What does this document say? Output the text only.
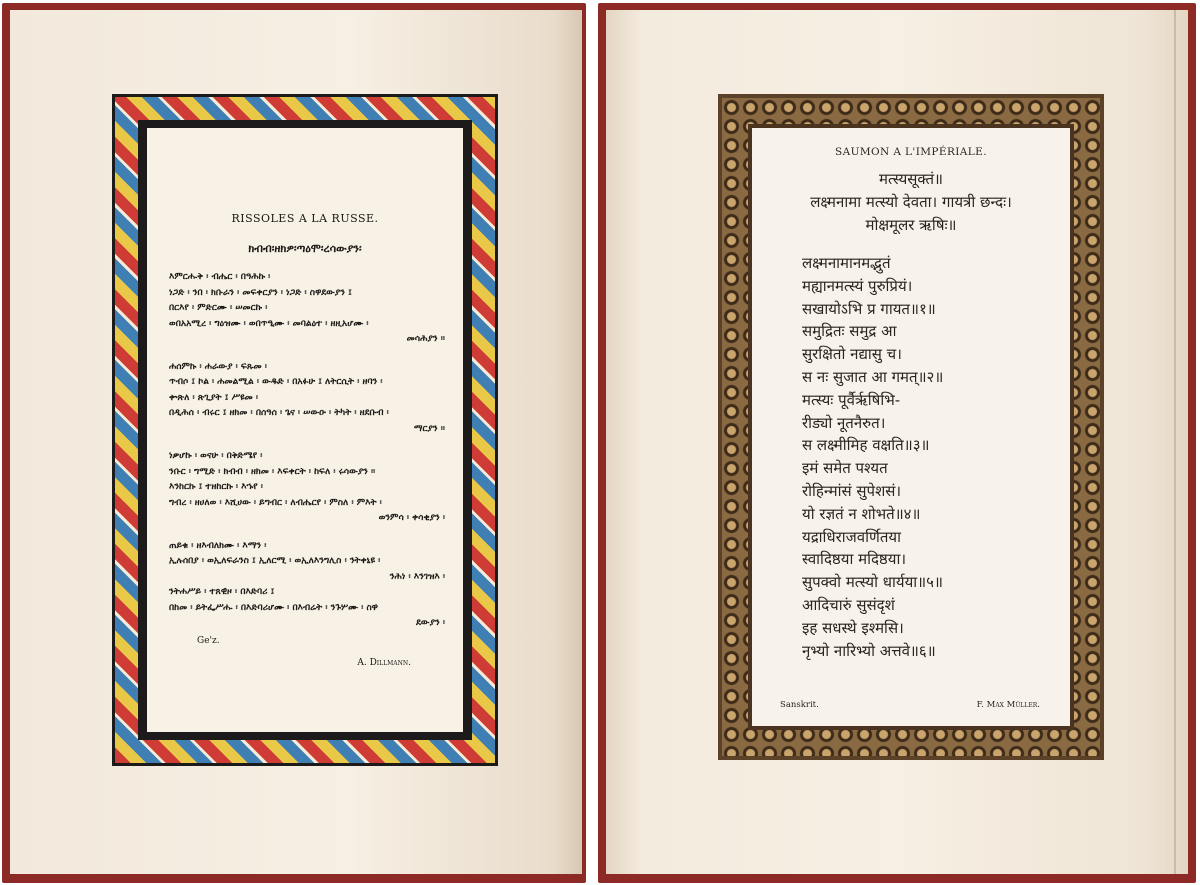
RISSOLES A LA RUSSE.
ክብብ፡ዘክዎ፡ጣዕሞ፡ረሳውያን፡
እምርሑቅ ፡ ብሔር ፡ በዓሕኩ ፡
ነጋድ ፡ ንበ ፡ ክቡራን ፡ መፍቀርያን ፡ ነጋድ ፡ ስዋደውያን ፤
በርእየ ፡ ምድርሙ ፡ ሠመርኩ ፡
ወበአአሚረ ፡ ግዕዝሙ ፡ ወበጥዒሙ ፡ መባልዕተ ፡ ዘዚአሆሙ ፡
መሳሕያን ፡፡
ሐሰምኩ ፡ ሐራውያ ፡ ፍጹመ ፡
ጥብሶ ፤ ኮል ፡ ሐመልሚል ፡ ውዱድ ፡ በአፉሁ ፤ ለትርሲት ፡ ዘባን ፡
ቍጽለ ፡ ጽጊያት ፤ ሥዩመ ፡
በዲሕሰ ፡ ብሩር ፤ ዘክመ ፡ በሰዓሰ ፡ ጌና ፡ ሠውዑ ፡ ትካት ፡ ዘደቡብ ፡
ማርያን ፡፡
ነቃሆኩ ፡ ወናሁ ፡ በቅድሜየ ፡
ንቡር ፡ ግሚድ ፡ ክብብ ፡ ዘክመ ፡ እፍቀርት ፡ ከፍለ ፡ ሩሳውያን ፡፡
እንከርኩ ፤ ተዘከርኩ ፡ እኁየ ፡
ግብረ ፡ ዘሀለወ ፡ እሺሀው ፡ ይግብር ፡ ለብሔርየ ፡ ምስለ ፡ ምእት ፡
ወንምሳ ፡ ቀሳቂያን ፡
ጠይቁ ፡ ዘእብለክሙ ፡ እማን ፡
ኢሉሰበያ ፡ ወኢለፍራንስ ፤ ኢለርሚ ፡ ወኢለእንግሊስ ፡ ንትቀኒዩ ፡
ንሕነ ፡ እንገዝእ ፡
ንትሐሥይ ፡ ተጸዊዞ ፡ በእድባሪ ፤
በከመ ፡ ይትፌሥሑ ፡ በእድባሪሆሙ ፡ በእብሬት ፡ ንጉሦሙ ፡ ስዋ
ደውያን ፡
Ge'z.
A. Dillmann.
SAUMON A L'IMPÉRIALE.
मत्स्यसूक्तं॥
लक्ष्मनामा मत्स्यो देवता। गायत्री छन्दः।
मोक्षमूलर ऋषिः॥
लक्ष्मनामानमद्भुतं
मह्यानमत्स्यं पुरुप्रियं।
सखायोऽभि प्र गायत॥१॥
समुद्रितः समुद्र आ
सुरक्षितो नद्यासु च।
स नः सुजात आ गमत्॥२॥
मत्स्यः पूर्वैर्ऋषिभि-
रीड्यो नूतनैरुत।
स लक्ष्मीमिह वक्षति॥३॥
इमं समेत पश्यत
रोहिन्मांसं सुपेशसं।
यो रज्ञतं न शोभते॥४॥
यद्राधिराजवर्णितया
स्वादिष्ठया मदिष्ठया।
सुपक्वो मत्स्यो धार्यया॥५॥
आदिचारुं सुसंदृशं
इह सधस्थे इश्मसि।
नृभ्यो नारिभ्यो अत्तवे॥६॥
Sanskrit.	F. Max Müller.
